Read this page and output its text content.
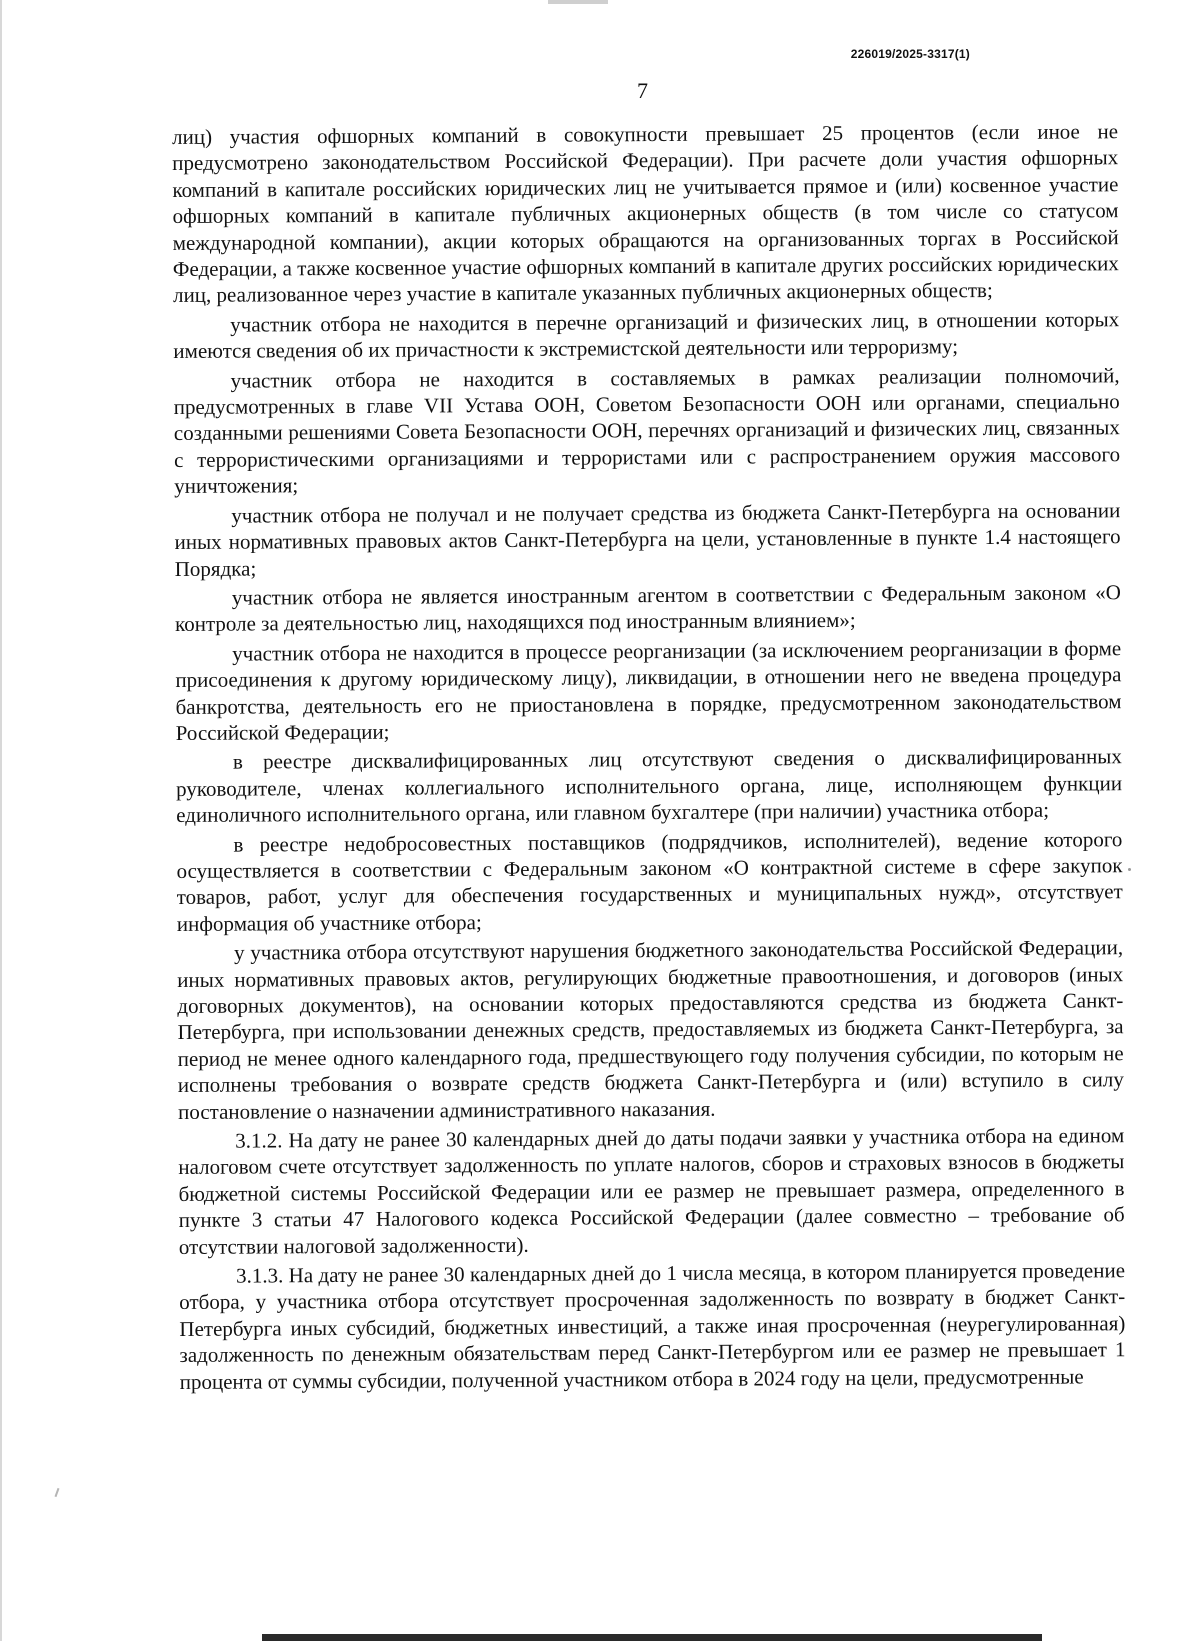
226019/2025-3317(1)
7

лиц) участия офшорных компаний в совокупности превышает 25 процентов (если иное не предусмотрено законодательством Российской Федерации). При расчете доли участия офшорных компаний в капитале российских юридических лиц не учитывается прямое и (или) косвенное участие офшорных компаний в капитале публичных акционерных обществ (в том числе со статусом международной компании), акции которых обращаются на организованных торгах в Российской Федерации, а также косвенное участие офшорных компаний в капитале других российских юридических лиц, реализованное через участие в капитале указанных публичных акционерных обществ;

участник отбора не находится в перечне организаций и физических лиц, в отношении которых имеются сведения об их причастности к экстремистской деятельности или терроризму;

участник отбора не находится в составляемых в рамках реализации полномочий, предусмотренных в главе VII Устава ООН, Советом Безопасности ООН или органами, специально созданными решениями Совета Безопасности ООН, перечнях организаций и физических лиц, связанных с террористическими организациями и террористами или с распространением оружия массового уничтожения;

участник отбора не получал и не получает средства из бюджета Санкт-Петербурга на основании иных нормативных правовых актов Санкт-Петербурга на цели, установленные в пункте 1.4 настоящего Порядка;

участник отбора не является иностранным агентом в соответствии с Федеральным законом «О контроле за деятельностью лиц, находящихся под иностранным влиянием»;

участник отбора не находится в процессе реорганизации (за исключением реорганизации в форме присоединения к другому юридическому лицу), ликвидации, в отношении него не введена процедура банкротства, деятельность его не приостановлена в порядке, предусмотренном законодательством Российской Федерации;

в реестре дисквалифицированных лиц отсутствуют сведения о дисквалифицированных руководителе, членах коллегиального исполнительного органа, лице, исполняющем функции единоличного исполнительного органа, или главном бухгалтере (при наличии) участника отбора;

в реестре недобросовестных поставщиков (подрядчиков, исполнителей), ведение которого осуществляется в соответствии с Федеральным законом «О контрактной системе в сфере закупок товаров, работ, услуг для обеспечения государственных и муниципальных нужд», отсутствует информация об участнике отбора;

у участника отбора отсутствуют нарушения бюджетного законодательства Российской Федерации, иных нормативных правовых актов, регулирующих бюджетные правоотношения, и договоров (иных договорных документов), на основании которых предоставляются средства из бюджета Санкт-Петербурга, при использовании денежных средств, предоставляемых из бюджета Санкт-Петербурга, за период не менее одного календарного года, предшествующего году получения субсидии, по которым не исполнены требования о возврате средств бюджета Санкт-Петербурга и (или) вступило в силу постановление о назначении административного наказания.

3.1.2. На дату не ранее 30 календарных дней до даты подачи заявки у участника отбора на едином налоговом счете отсутствует задолженность по уплате налогов, сборов и страховых взносов в бюджеты бюджетной системы Российской Федерации или ее размер не превышает размера, определенного в пункте 3 статьи 47 Налогового кодекса Российской Федерации (далее совместно – требование об отсутствии налоговой задолженности).

3.1.3. На дату не ранее 30 календарных дней до 1 числа месяца, в котором планируется проведение отбора, у участника отбора отсутствует просроченная задолженность по возврату в бюджет Санкт-Петербурга иных субсидий, бюджетных инвестиций, а также иная просроченная (неурегулированная) задолженность по денежным обязательствам перед Санкт-Петербургом или ее размер не превышает 1 процента от суммы субсидии, полученной участником отбора в 2024 году на цели, предусмотренные
